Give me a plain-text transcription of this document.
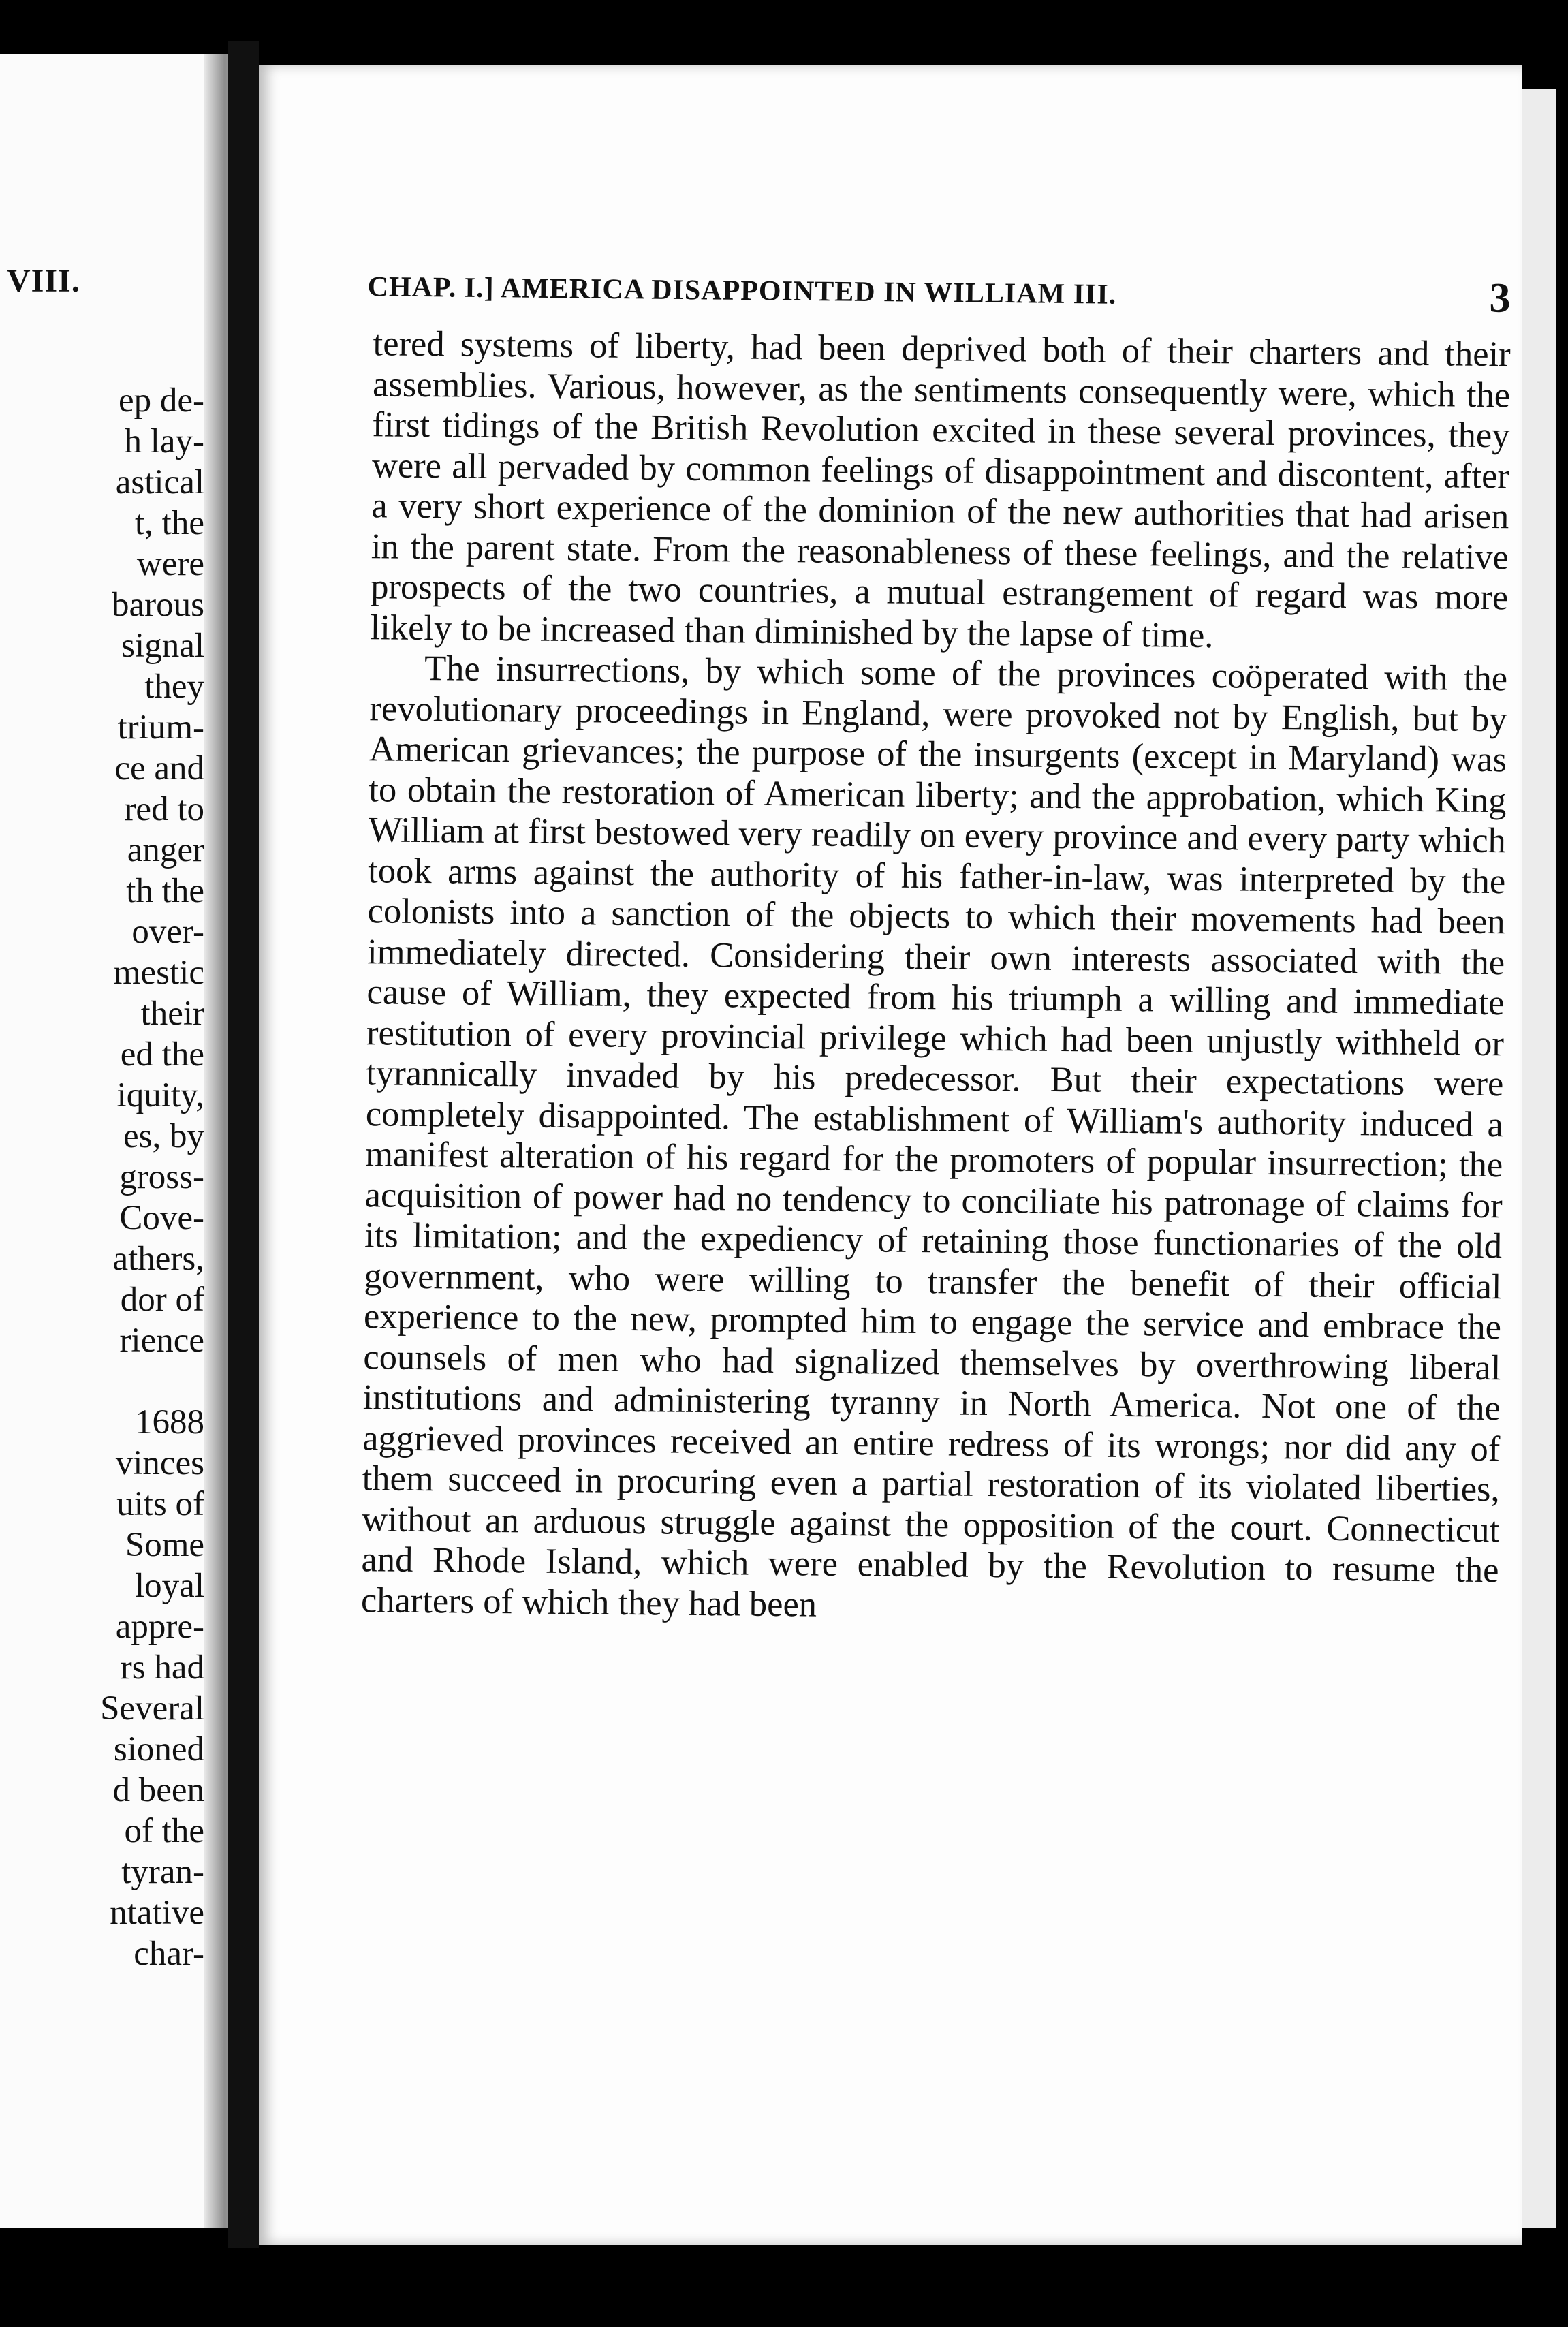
VIII.
ep de-
h lay-
astical
t, the
were
barous
signal
they
trium-
ce and
red to
anger
th the
over-
mestic
their
ed the
iquity,
es, by
gross-
Cove-
athers,
dor of
rience
1688
vinces
uits of
Some
loyal
appre-
rs had
Several
sioned
d been
of the
tyran-
ntative
char-
CHAP. I.] AMERICA DISAPPOINTED IN WILLIAM III.	3

tered systems of liberty, had been deprived both of their charters and their assemblies. Various, however, as the sentiments consequently were, which the first tidings of the British Revolution excited in these several provinces, they were all pervaded by common feelings of disappointment and discontent, after a very short experience of the dominion of the new authorities that had arisen in the parent state. From the reasonableness of these feelings, and the relative prospects of the two countries, a mutual estrangement of regard was more likely to be increased than diminished by the lapse of time.

The insurrections, by which some of the provinces coöperated with the revolutionary proceedings in England, were provoked not by English, but by American grievances; the purpose of the insurgents (except in Maryland) was to obtain the restoration of American liberty; and the approbation, which King William at first bestowed very readily on every province and every party which took arms against the authority of his father-in-law, was interpreted by the colonists into a sanction of the objects to which their movements had been immediately directed. Considering their own interests associated with the cause of William, they expected from his triumph a willing and immediate restitution of every provincial privilege which had been unjustly withheld or tyrannically invaded by his predecessor. But their expectations were completely disappointed. The establishment of William's authority induced a manifest alteration of his regard for the promoters of popular insurrection; the acquisition of power had no tendency to conciliate his patronage of claims for its limitation; and the expediency of retaining those functionaries of the old government, who were willing to transfer the benefit of their official experience to the new, prompted him to engage the service and embrace the counsels of men who had signalized themselves by overthrowing liberal institutions and administering tyranny in North America. Not one of the aggrieved provinces received an entire redress of its wrongs; nor did any of them succeed in procuring even a partial restoration of its violated liberties, without an arduous struggle against the opposition of the court. Connecticut and Rhode Island, which were enabled by the Revolution to resume the charters of which they had been
